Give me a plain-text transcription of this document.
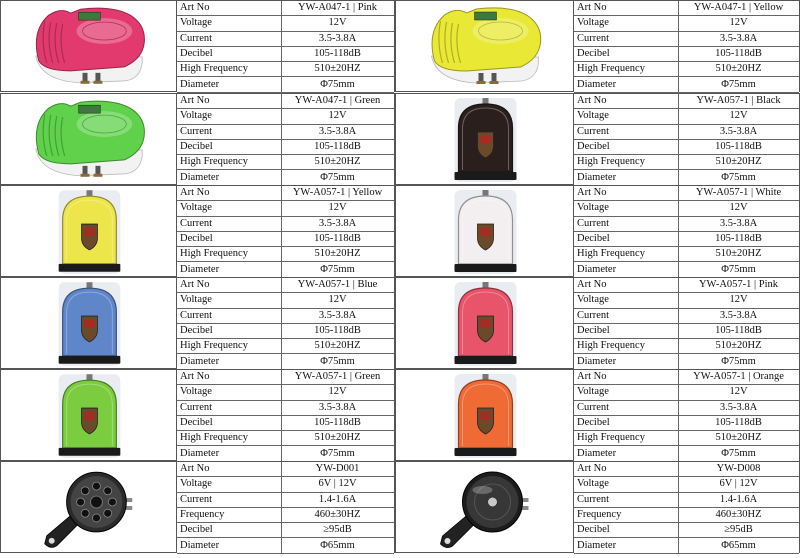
Art No	YW-A047-1 | Pink
Voltage	12V
Current	3.5-3.8A
Decibel	105-118dB
High Frequency	510±20HZ
Diameter	Φ75mm
Art No	YW-A047-1 | Yellow
Voltage	12V
Current	3.5-3.8A
Decibel	105-118dB
High Frequency	510±20HZ
Diameter	Φ75mm
Art No	YW-A047-1 | Green
Voltage	12V
Current	3.5-3.8A
Decibel	105-118dB
High Frequency	510±20HZ
Diameter	Φ75mm
Art No	YW-A057-1 | Black
Voltage	12V
Current	3.5-3.8A
Decibel	105-118dB
High Frequency	510±20HZ
Diameter	Φ75mm
Art No	YW-A057-1 | Yellow
Voltage	12V
Current	3.5-3.8A
Decibel	105-118dB
High Frequency	510±20HZ
Diameter	Φ75mm
Art No	YW-A057-1 | White
Voltage	12V
Current	3.5-3.8A
Decibel	105-118dB
High Frequency	510±20HZ
Diameter	Φ75mm
Art No	YW-A057-1 | Blue
Voltage	12V
Current	3.5-3.8A
Decibel	105-118dB
High Frequency	510±20HZ
Diameter	Φ75mm
Art No	YW-A057-1 | Pink
Voltage	12V
Current	3.5-3.8A
Decibel	105-118dB
High Frequency	510±20HZ
Diameter	Φ75mm
Art No	YW-A057-1 | Green
Voltage	12V
Current	3.5-3.8A
Decibel	105-118dB
High Frequency	510±20HZ
Diameter	Φ75mm
Art No	YW-A057-1 | Orange
Voltage	12V
Current	3.5-3.8A
Decibel	105-118dB
High Frequency	510±20HZ
Diameter	Φ75mm
Art No	YW-D001
Voltage	6V | 12V
Current	1.4-1.6A
Frequency	460±30HZ
Decibel	≥95dB
Diameter	Φ65mm
Art No	YW-D008
Voltage	6V | 12V
Current	1.4-1.6A
Frequency	460±30HZ
Decibel	≥95dB
Diameter	Φ65mm
